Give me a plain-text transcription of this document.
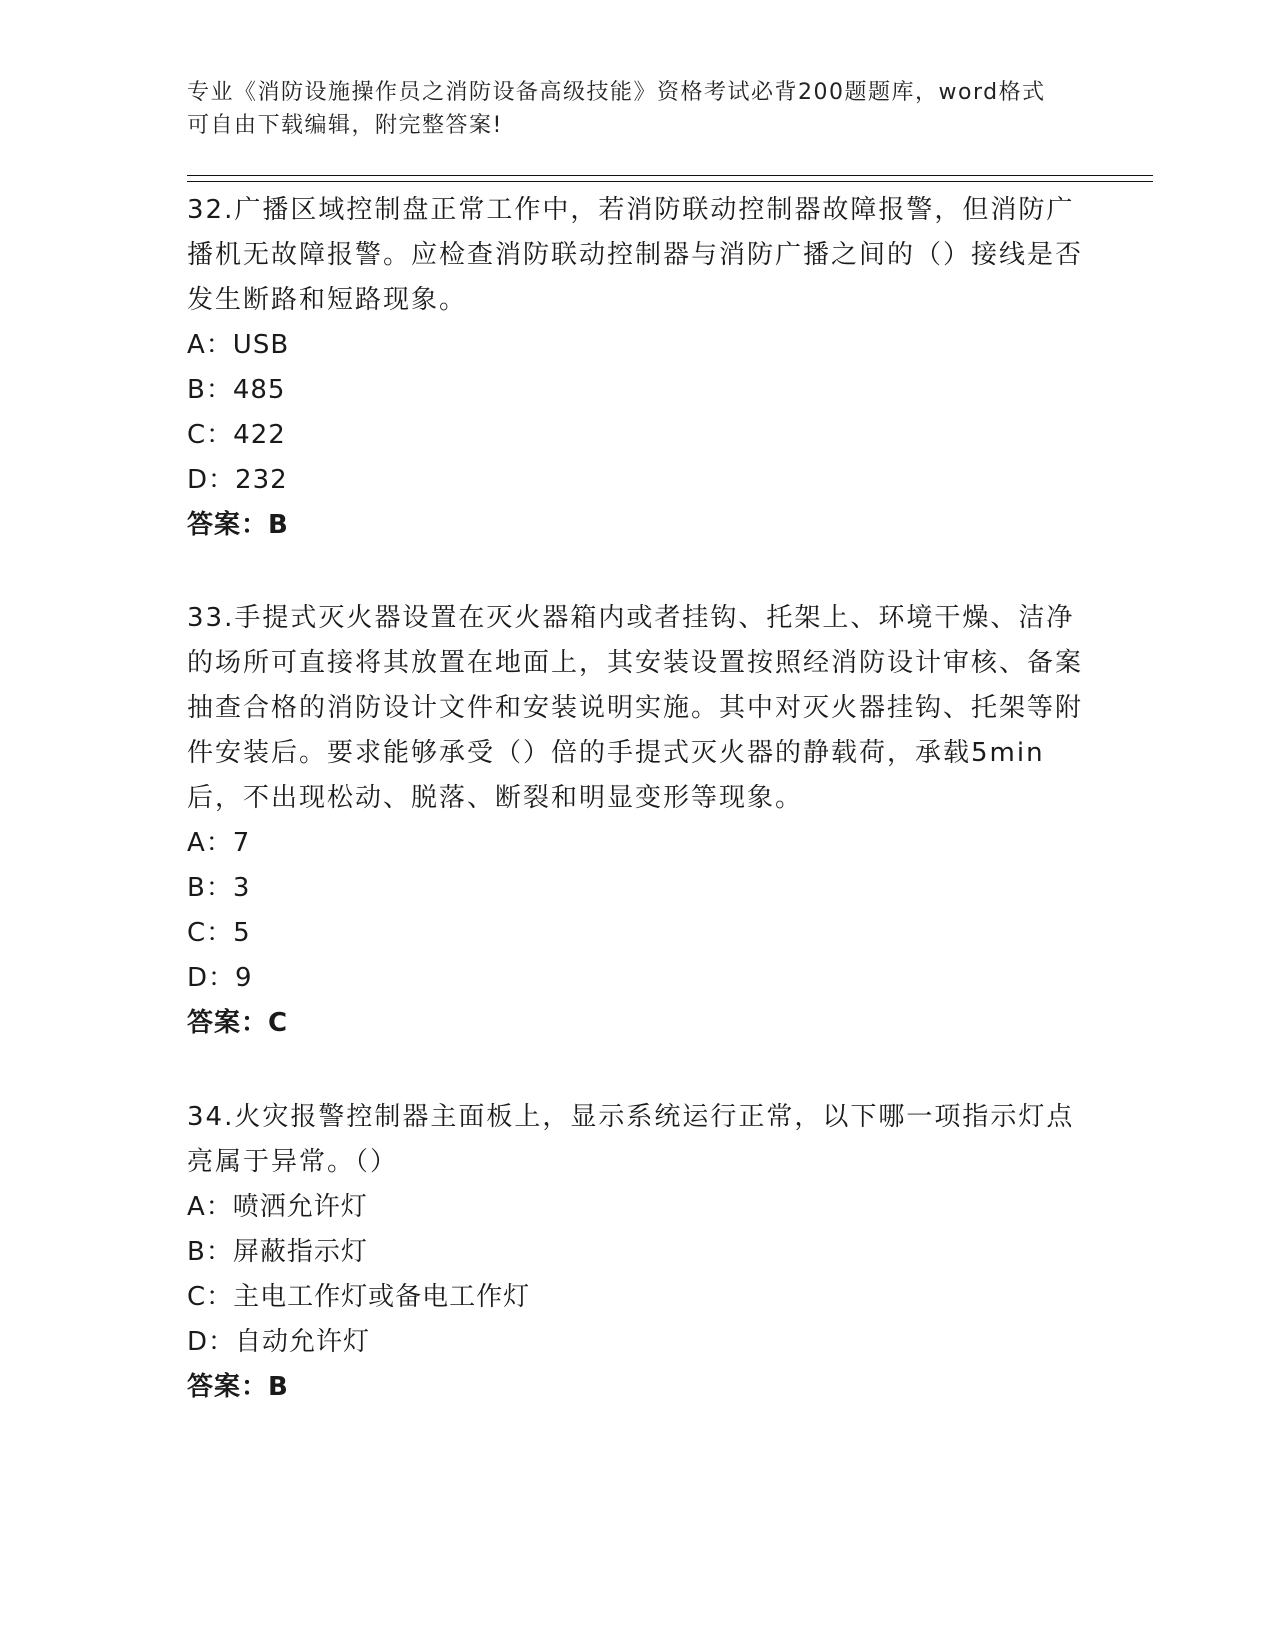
专业《消防设施操作员之消防设备高级技能》资格考试必背200题题库，word格式可自由下载编辑，附完整答案!

32.广播区域控制盘正常工作中，若消防联动控制器故障报警，但消防广播机无故障报警。应检查消防联动控制器与消防广播之间的（）接线是否发生断路和短路现象。

A：USB

B：485

C：422

D：232

答案：B

33.手提式灭火器设置在灭火器箱内或者挂钩、托架上、环境干燥、洁净的场所可直接将其放置在地面上，其安装设置按照经消防设计审核、备案抽查合格的消防设计文件和安装说明实施。其中对灭火器挂钩、托架等附件安装后。要求能够承受（）倍的手提式灭火器的静载荷，承载5min后，不出现松动、脱落、断裂和明显变形等现象。

A：7

B：3

C：5

D：9

答案：C

34.火灾报警控制器主面板上，显示系统运行正常，以下哪一项指示灯点亮属于异常。（）

A：喷洒允许灯

B：屏蔽指示灯

C：主电工作灯或备电工作灯

D：自动允许灯

答案：B
